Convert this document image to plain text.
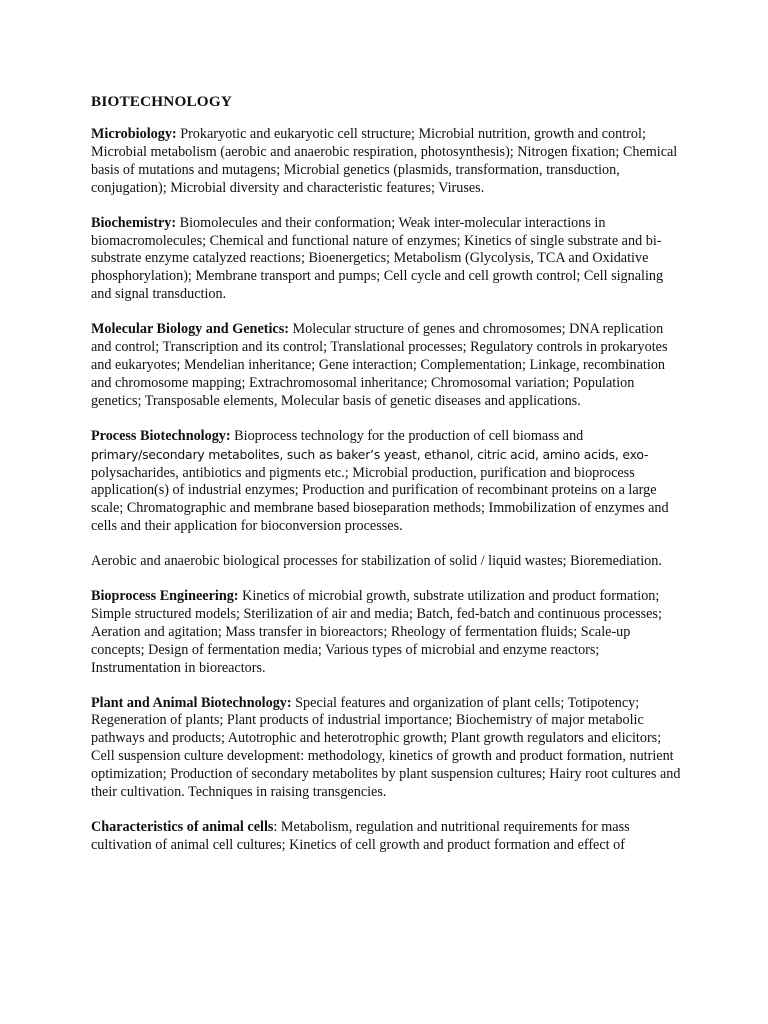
BIOTECHNOLOGY

Microbiology: Prokaryotic and eukaryotic cell structure; Microbial nutrition, growth and control; Microbial metabolism (aerobic and anaerobic respiration, photosynthesis); Nitrogen fixation; Chemical basis of mutations and mutagens; Microbial genetics (plasmids, transformation, transduction, conjugation); Microbial diversity and characteristic features; Viruses.

Biochemistry: Biomolecules and their conformation; Weak inter-molecular interactions in biomacromolecules; Chemical and functional nature of enzymes; Kinetics of single substrate and bi-substrate enzyme catalyzed reactions; Bioenergetics; Metabolism (Glycolysis, TCA and Oxidative phosphorylation); Membrane transport and pumps; Cell cycle and cell growth control; Cell signaling and signal transduction.

Molecular Biology and Genetics: Molecular structure of genes and chromosomes; DNA replication and control; Transcription and its control; Translational processes; Regulatory controls in prokaryotes and eukaryotes; Mendelian inheritance; Gene interaction; Complementation; Linkage, recombination and chromosome mapping; Extrachromosomal inheritance; Chromosomal variation; Population genetics; Transposable elements, Molecular basis of genetic diseases and applications.

Process Biotechnology: Bioprocess technology for the production of cell biomass and
primary/secondary metabolites, such as baker’s yeast, ethanol, citric acid, amino acids, exo-
polysacharides, antibiotics and pigments etc.; Microbial production, purification and bioprocess application(s) of industrial enzymes; Production and purification of recombinant proteins on a large scale; Chromatographic and membrane based bioseparation methods; Immobilization of enzymes and cells and their application for bioconversion processes.

Aerobic and anaerobic biological processes for stabilization of solid / liquid wastes; Bioremediation.

Bioprocess Engineering: Kinetics of microbial growth, substrate utilization and product formation; Simple structured models; Sterilization of air and media; Batch, fed-batch and continuous processes; Aeration and agitation; Mass transfer in bioreactors; Rheology of fermentation fluids; Scale-up concepts; Design of fermentation media; Various types of microbial and enzyme reactors; Instrumentation in bioreactors.

Plant and Animal Biotechnology: Special features and organization of plant cells; Totipotency; Regeneration of plants; Plant products of industrial importance; Biochemistry of major metabolic pathways and products; Autotrophic and heterotrophic growth; Plant growth regulators and elicitors; Cell suspension culture development: methodology, kinetics of growth and product formation, nutrient optimization; Production of secondary metabolites by plant suspension cultures; Hairy root cultures and their cultivation. Techniques in raising transgencies.

Characteristics of animal cells: Metabolism, regulation and nutritional requirements for mass cultivation of animal cell cultures; Kinetics of cell growth and product formation and effect of
